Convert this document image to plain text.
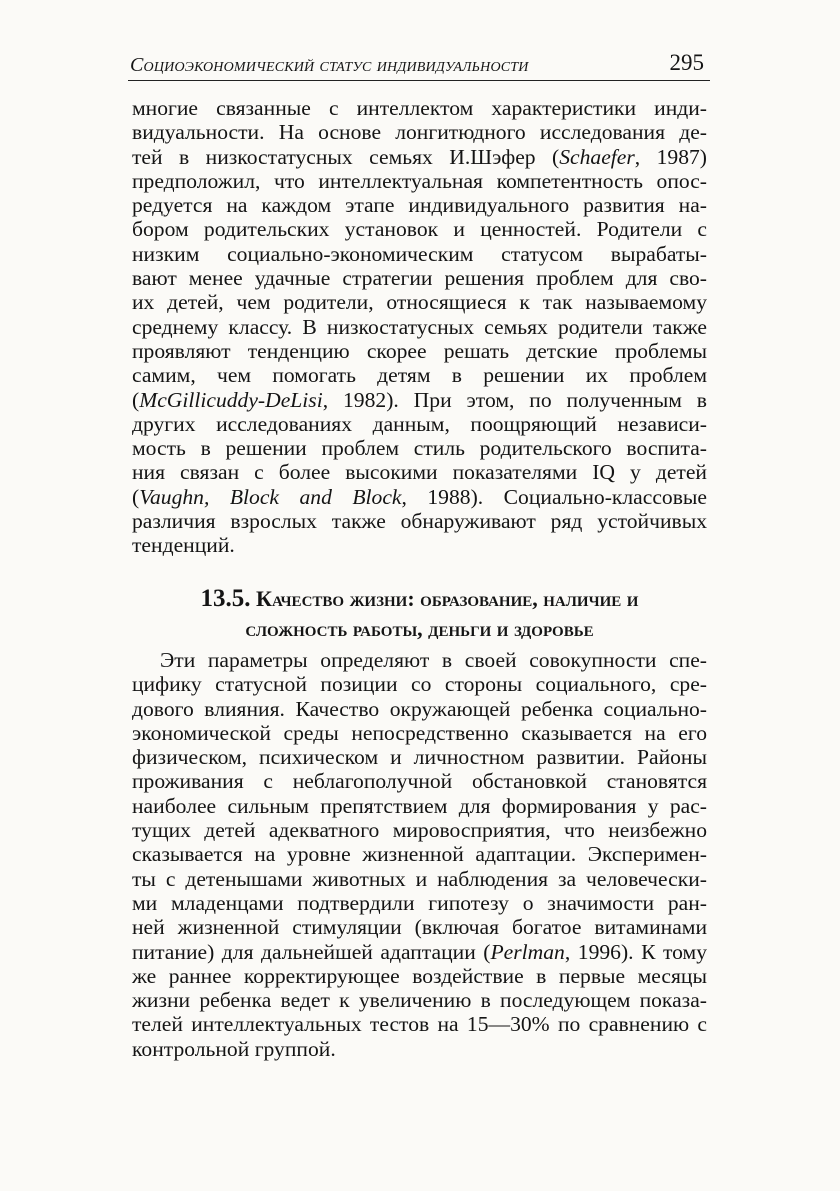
Социоэкономический статус индивидуальности	295

многие связанные с интеллектом характеристики инди-
видуальности. На основе лонгитюдного исследования де-
тей в низкостатусных семьях И.Шэфер (Schaefer, 1987)
предположил, что интеллектуальная компетентность опос-
редуется на каждом этапе индивидуального развития на-
бором родительских установок и ценностей. Родители с
низким социально-экономическим статусом вырабаты-
вают менее удачные стратегии решения проблем для сво-
их детей, чем родители, относящиеся к так называемому
среднему классу. В низкостатусных семьях родители также
проявляют тенденцию скорее решать детские проблемы
самим, чем помогать детям в решении их проблем
(McGillicuddy-DeLisi, 1982). При этом, по полученным в
других исследованиях данным, поощряющий независи-
мость в решении проблем стиль родительского воспита-
ния связан с более высокими показателями IQ у детей
(Vaughn, Block and Block, 1988). Социально-классовые
различия взрослых также обнаруживают ряд устойчивых
тенденций.

13.5. Качество жизни: образование, наличие и
сложность работы, деньги и здоровье

Эти параметры определяют в своей совокупности спе-
цифику статусной позиции со стороны социального, сре-
дового влияния. Качество окружающей ребенка социально-
экономической среды непосредственно сказывается на его
физическом, психическом и личностном развитии. Районы
проживания с неблагополучной обстановкой становятся
наиболее сильным препятствием для формирования у рас-
тущих детей адекватного мировосприятия, что неизбежно
сказывается на уровне жизненной адаптации. Эксперимен-
ты с детенышами животных и наблюдения за человечески-
ми младенцами подтвердили гипотезу о значимости ран-
ней жизненной стимуляции (включая богатое витаминами
питание) для дальнейшей адаптации (Perlman, 1996). К тому
же раннее корректирующее воздействие в первые месяцы
жизни ребенка ведет к увеличению в последующем показа-
телей интеллектуальных тестов на 15—30% по сравнению с
контрольной группой.
